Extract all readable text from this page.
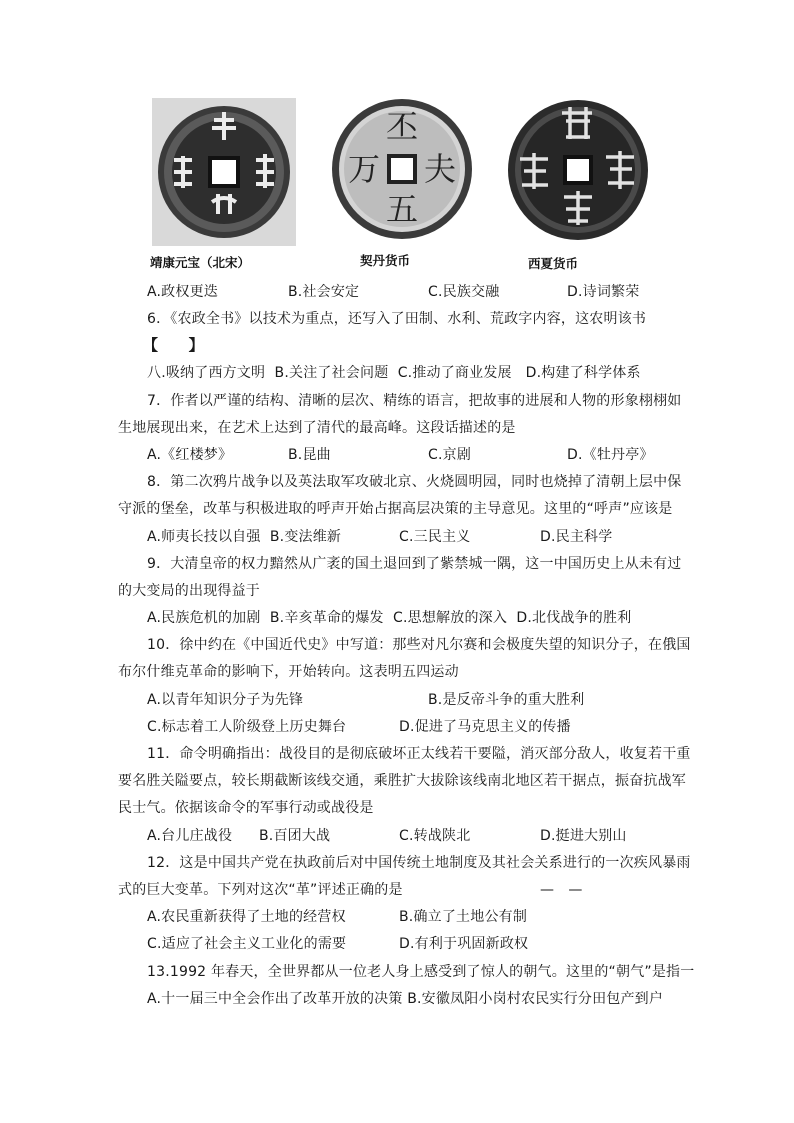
靖康元宝（北宋）
丕
五
万 夫
契丹货币	西夏货币
A.政权更迭	B.社会安定	C.民族交融	D.诗词繁荣
6．《农政全书》以技术为重点，还写入了田制、水利、荒政字内容，这农明该书
【　　】
八.吸纳了西方文明  B.关注了社会问题  C.推动了商业发展   D.构建了科学体系
7．作者以严谨的结构、清晰的层次、精练的语言，把故事的进展和人物的形象栩栩如
生地展现出来，在艺术上达到了清代的最高峰。这段话描述的是
A.《红楼梦》	B.昆曲	C.京剧	D.《牡丹亭》
8．第二次鸦片战争以及英法取军攻破北京、火烧圆明园，同时也烧掉了清朝上层中保
守派的堡垒，改革与积极进取的呼声开始占据高层决策的主导意见。这里的“呼声”应该是
A.师夷长技以自强  B.变法维新	C.三民主义	D.民主科学
9．大清皇帝的权力黯然从广袤的国土退回到了紫禁城一隅，这一中国历史上从未有过
的大变局的出现得益于
A.民族危机的加剧  B.辛亥革命的爆发  C.思想解放的深入  D.北伐战争的胜利
10．徐中约在《中国近代史》中写道：那些对凡尔赛和会极度失望的知识分子，在俄国
布尔什维克革命的影响下，开始转向。这表明五四运动
A.以青年知识分子为先锋	B.是反帝斗争的重大胜利
C.标志着工人阶级登上历史舞台	D.促进了马克思主义的传播
11．命令明确指出：战役目的是彻底破坏正太线若干要隘，消灭部分敌人，收复若干重
要名胜关隘要点，较长期截断该线交通，乘胜扩大拔除该线南北地区若干据点，振奋抗战军
民士气。依据该命令的军事行动或战役是
A.台儿庄战役 B.百团大战	C.转战陕北	D.挺进大别山
12．这是中国共产党在执政前后对中国传统土地制度及其社会关系进行的一次疾风暴雨
式的巨大变革。下列对这次“革”评述正确的是	—　—
A.农民重新获得了土地的经营权	B.确立了土地公有制
C.适应了社会主义工业化的需要	D.有利于巩固新政权
13.1992 年春天，全世界都从一位老人身上感受到了惊人的朝气。这里的“朝气”是指一
A.十一届三中全会作出了改革开放的决策 B.安徽凤阳小岗村农民实行分田包产到户
